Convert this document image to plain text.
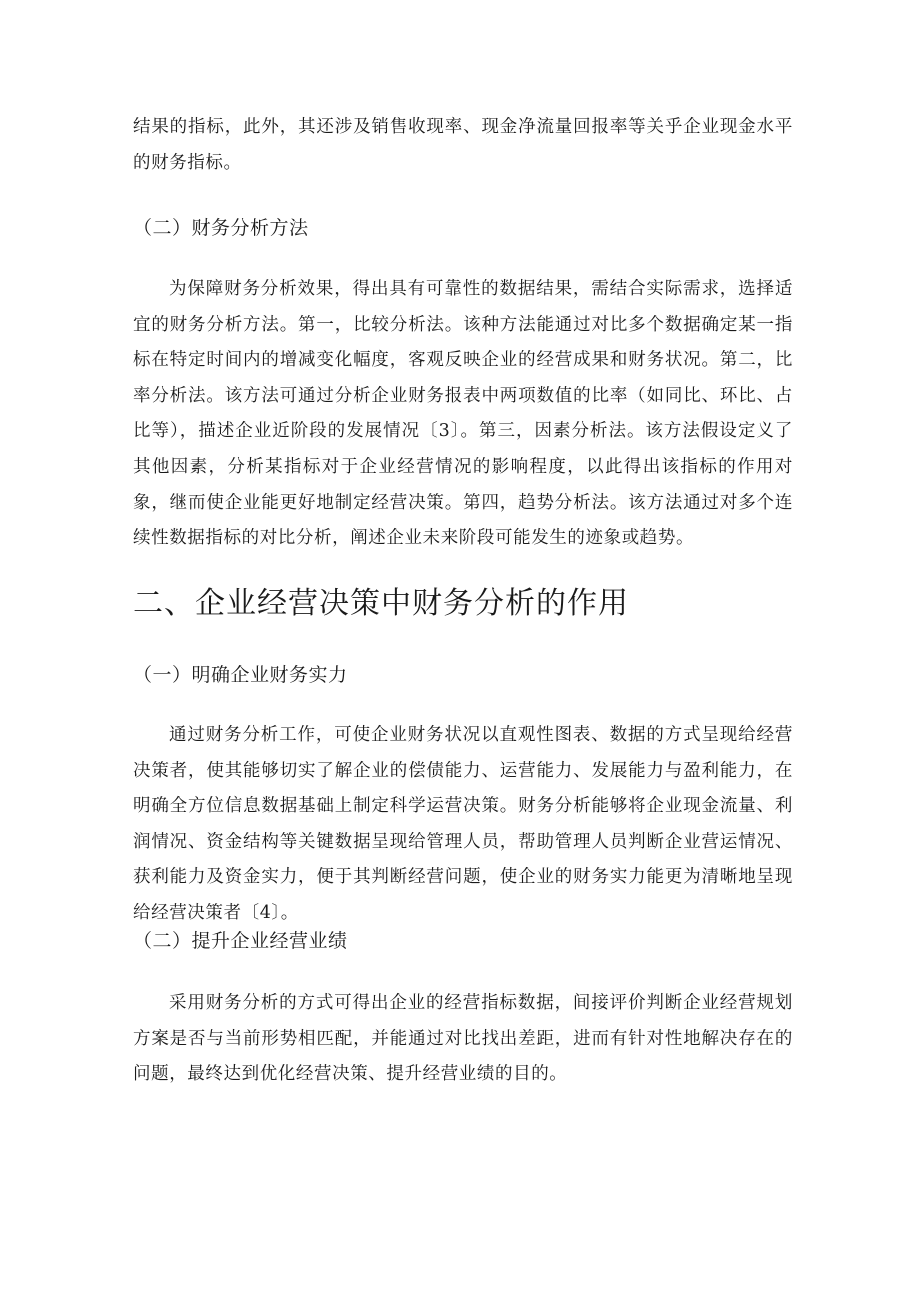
结果的指标，此外，其还涉及销售收现率、现金净流量回报率等关乎企业现金水平的财务指标。

（二）财务分析方法

为保障财务分析效果，得出具有可靠性的数据结果，需结合实际需求，选择适宜的财务分析方法。第一，比较分析法。该种方法能通过对比多个数据确定某一指标在特定时间内的增减变化幅度，客观反映企业的经营成果和财务状况。第二，比率分析法。该方法可通过分析企业财务报表中两项数值的比率（如同比、环比、占比等），描述企业近阶段的发展情况〔3〕。第三，因素分析法。该方法假设定义了其他因素，分析某指标对于企业经营情况的影响程度，以此得出该指标的作用对象，继而使企业能更好地制定经营决策。第四，趋势分析法。该方法通过对多个连续性数据指标的对比分析，阐述企业未来阶段可能发生的迹象或趋势。

二、企业经营决策中财务分析的作用
（一）明确企业财务实力

通过财务分析工作，可使企业财务状况以直观性图表、数据的方式呈现给经营决策者，使其能够切实了解企业的偿债能力、运营能力、发展能力与盈利能力，在明确全方位信息数据基础上制定科学运营决策。财务分析能够将企业现金流量、利润情况、资金结构等关键数据呈现给管理人员，帮助管理人员判断企业营运情况、获利能力及资金实力，便于其判断经营问题，使企业的财务实力能更为清晰地呈现给经营决策者〔4〕。

（二）提升企业经营业绩

采用财务分析的方式可得出企业的经营指标数据，间接评价判断企业经营规划方案是否与当前形势相匹配，并能通过对比找出差距，进而有针对性地解决存在的问题，最终达到优化经营决策、提升经营业绩的目的。
